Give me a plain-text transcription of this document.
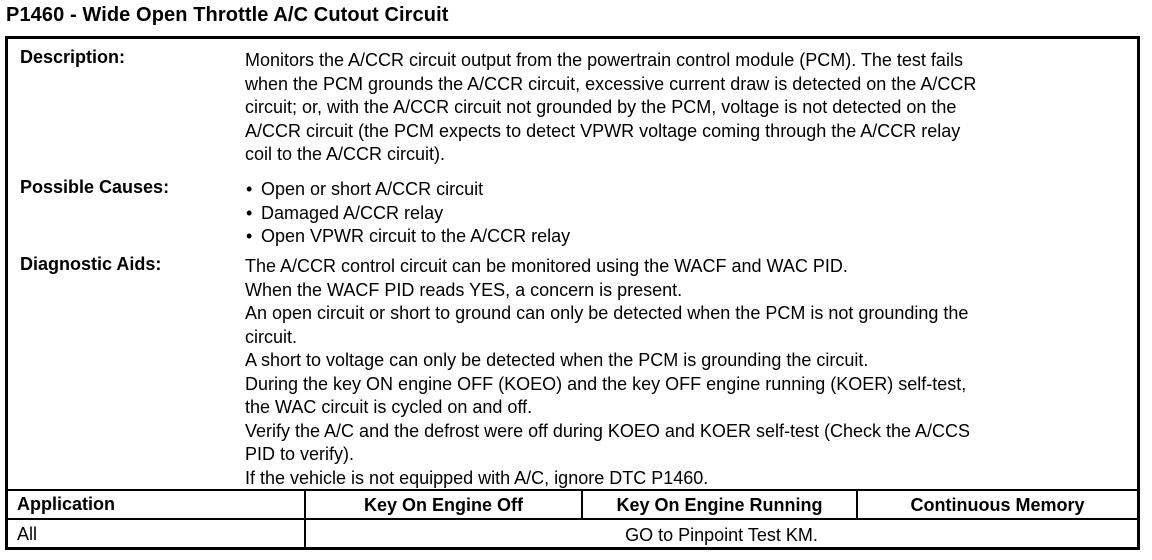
P1460 - Wide Open Throttle A/C Cutout Circuit
Description:	Monitors the A/CCR circuit output from the powertrain control module (PCM). The test fails
when the PCM grounds the A/CCR circuit, excessive current draw is detected on the A/CCR
circuit; or, with the A/CCR circuit not grounded by the PCM, voltage is not detected on the
A/CCR circuit (the PCM expects to detect VPWR voltage coming through the A/CCR relay
coil to the A/CCR circuit).
Possible Causes:	• Open or short A/CCR circuit
• Damaged A/CCR relay
• Open VPWR circuit to the A/CCR relay
Diagnostic Aids:	The A/CCR control circuit can be monitored using the WACF and WAC PID.
When the WACF PID reads YES, a concern is present.
An open circuit or short to ground can only be detected when the PCM is not grounding the
circuit.
A short to voltage can only be detected when the PCM is grounding the circuit.
During the key ON engine OFF (KOEO) and the key OFF engine running (KOER) self-test,
the WAC circuit is cycled on and off.
Verify the A/C and the defrost were off during KOEO and KOER self-test (Check the A/CCS
PID to verify).
If the vehicle is not equipped with A/C, ignore DTC P1460.
Application	Key On Engine Off	Key On Engine Running	Continuous Memory
All	GO to Pinpoint Test KM.
